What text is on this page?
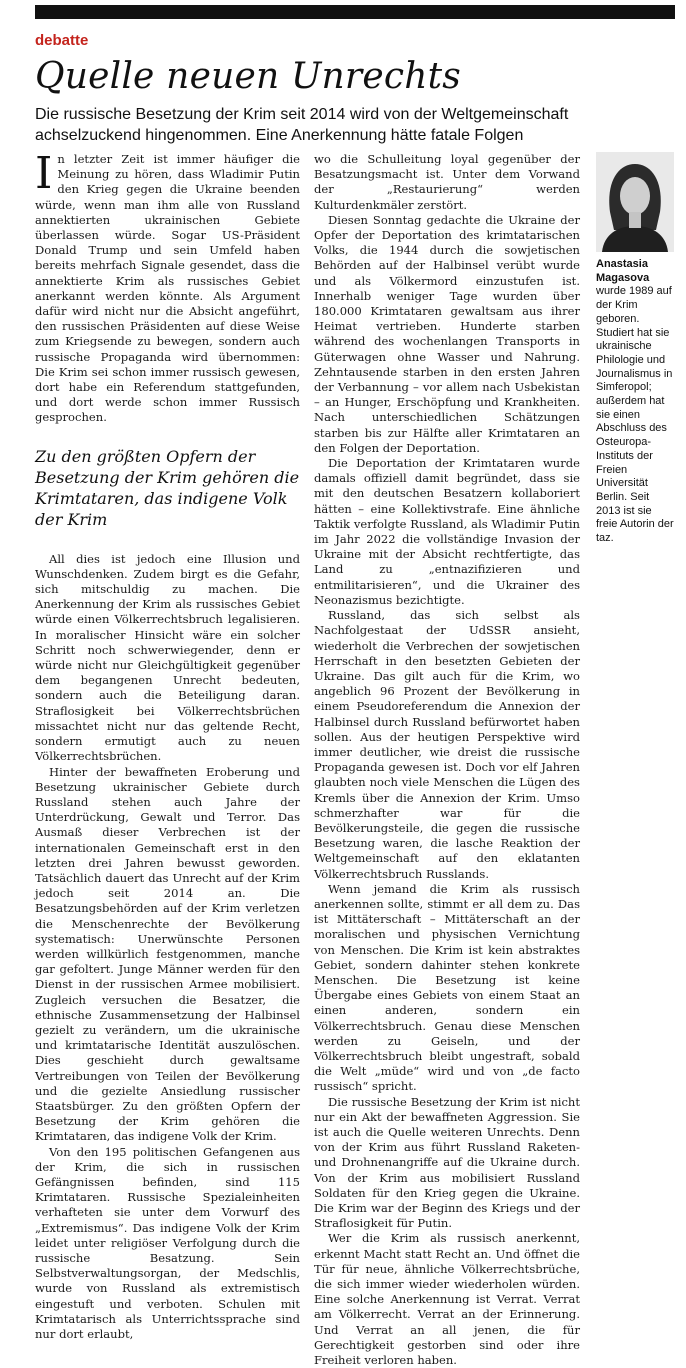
debatte
Quelle neuen Unrechts

Die russische Besetzung der Krim seit 2014 wird von der Weltgemeinschaft achselzuckend hingenommen. Eine Anerkennung hätte fatale Folgen

In letzter Zeit ist immer häufiger die Meinung zu hören, dass Wladimir Putin den Krieg gegen die Ukraine beenden würde, wenn man ihm alle von Russland annektierten ukrainischen Gebiete überlassen würde. Sogar US-Präsident Donald Trump und sein Umfeld haben bereits mehrfach Signale gesendet, dass die annektierte Krim als russisches Gebiet anerkannt werden könnte. Als Argument dafür wird nicht nur die Absicht angeführt, den russischen Präsidenten auf diese Weise zum Kriegsende zu bewegen, sondern auch russische Propaganda wird übernommen: Die Krim sei schon immer russisch gewesen, dort habe ein Referendum stattgefunden, und dort werde schon immer Russisch gesprochen.

Zu den größten Opfern der Besetzung der Krim gehören die Krimtataren, das indigene Volk der Krim

All dies ist jedoch eine Illusion und Wunschdenken. Zudem birgt es die Gefahr, sich mitschuldig zu machen. Die Anerkennung der Krim als russisches Gebiet würde einen Völkerrechtsbruch legalisieren. In moralischer Hinsicht wäre ein solcher Schritt noch schwerwiegender, denn er würde nicht nur Gleichgültigkeit gegenüber dem begangenen Unrecht bedeuten, sondern auch die Beteiligung daran. Straflosigkeit bei Völkerrechtsbrüchen missachtet nicht nur das geltende Recht, sondern ermutigt auch zu neuen Völkerrechtsbrüchen.

Hinter der bewaffneten Eroberung und Besetzung ukrainischer Gebiete durch Russland stehen auch Jahre der Unterdrückung, Gewalt und Terror. Das Ausmaß dieser Verbrechen ist der internationalen Gemeinschaft erst in den letzten drei Jahren bewusst geworden. Tatsächlich dauert das Unrecht auf der Krim jedoch seit 2014 an. Die Besatzungsbehörden auf der Krim verletzen die Menschenrechte der Bevölkerung systematisch: Unerwünschte Personen werden willkürlich festgenommen, manche gar gefoltert. Junge Männer werden für den Dienst in der russischen Armee mobilisiert. Zugleich versuchen die Besatzer, die ethnische Zusammensetzung der Halbinsel gezielt zu verändern, um die ukrainische und krimtatarische Identität auszulöschen. Dies geschieht durch gewaltsame Vertreibungen von Teilen der Bevölkerung und die gezielte Ansiedlung russischer Staatsbürger. Zu den größten Opfern der Besetzung der Krim gehören die Krimtataren, das indigene Volk der Krim.

Von den 195 politischen Gefangenen aus der Krim, die sich in russischen Gefängnissen befinden, sind 115 Krimtataren. Russische Spezialeinheiten verhafteten sie unter dem Vorwurf des „Extremismus“. Das indigene Volk der Krim leidet unter religiöser Verfolgung durch die russische Besatzung. Sein Selbstverwaltungsorgan, der Medschlis, wurde von Russland als extremistisch eingestuft und verboten. Schulen mit Krimtatarisch als Unterrichtssprache sind nur dort erlaubt,

wo die Schulleitung loyal gegenüber der Besatzungsmacht ist. Unter dem Vorwand der „Restaurierung“ werden Kulturdenkmäler zerstört.

Diesen Sonntag gedachte die Ukraine der Opfer der Deportation des krimtatarischen Volks, die 1944 durch die sowjetischen Behörden auf der Halbinsel verübt wurde und als Völkermord einzustufen ist. Innerhalb weniger Tage wurden über 180.000 Krimtataren gewaltsam aus ihrer Heimat vertrieben. Hunderte starben während des wochenlangen Transports in Güterwagen ohne Wasser und Nahrung. Zehntausende starben in den ersten Jahren der Verbannung – vor allem nach Usbekistan – an Hunger, Erschöpfung und Krankheiten. Nach unterschiedlichen Schätzungen starben bis zur Hälfte aller Krimtataren an den Folgen der Deportation.

Die Deportation der Krimtataren wurde damals offiziell damit begründet, dass sie mit den deutschen Besatzern kollaboriert hätten – eine Kollektivstrafe. Eine ähnliche Taktik verfolgte Russland, als Wladimir Putin im Jahr 2022 die vollständige Invasion der Ukraine mit der Absicht rechtfertigte, das Land zu „entnazifizieren und entmilitarisieren“, und die Ukrainer des Neonazismus bezichtigte.

Russland, das sich selbst als Nachfolgestaat der UdSSR ansieht, wiederholt die Verbrechen der sowjetischen Herrschaft in den besetzten Gebieten der Ukraine. Das gilt auch für die Krim, wo angeblich 96 Prozent der Bevölkerung in einem Pseudoreferendum die Annexion der Halbinsel durch Russland befürwortet haben sollen. Aus der heutigen Perspektive wird immer deutlicher, wie dreist die russische Propaganda gewesen ist. Doch vor elf Jahren glaubten noch viele Menschen die Lügen des Kremls über die Annexion der Krim. Umso schmerzhafter war für die Bevölkerungsteile, die gegen die russische Besetzung waren, die lasche Reaktion der Weltgemeinschaft auf den eklatanten Völkerrechtsbruch Russlands.

Wenn jemand die Krim als russisch anerkennen sollte, stimmt er all dem zu. Das ist Mittäterschaft – Mittäterschaft an der moralischen und physischen Vernichtung von Menschen. Die Krim ist kein abstraktes Gebiet, sondern dahinter stehen konkrete Menschen. Die Besetzung ist keine Übergabe eines Gebiets von einem Staat an einen anderen, sondern ein Völkerrechtsbruch. Genau diese Menschen werden zu Geiseln, und der Völkerrechtsbruch bleibt ungestraft, sobald die Welt „müde“ wird und von „de facto russisch“ spricht.

Die russische Besetzung der Krim ist nicht nur ein Akt der bewaffneten Aggression. Sie ist auch die Quelle weiteren Unrechts. Denn von der Krim aus führt Russland Raketen- und Drohnenangriffe auf die Ukraine durch. Von der Krim aus mobilisiert Russland Soldaten für den Krieg gegen die Ukraine. Die Krim war der Beginn des Kriegs und der Straflosigkeit für Putin.

Wer die Krim als russisch anerkennt, erkennt Macht statt Recht an. Und öffnet die Tür für neue, ähnliche Völkerrechtsbrüche, die sich immer wieder wiederholen würden. Eine solche Anerkennung ist Verrat. Verrat am Völkerrecht. Verrat an der Erinnerung. Und Verrat an all jenen, die für Gerechtigkeit gestorben sind oder ihre Freiheit verloren haben.

Anastasia Magasova
wurde 1989 auf der Krim geboren. Studiert hat sie ukrainische Philologie und Journalismus in Simferopol; außerdem hat sie einen Abschluss des Osteuropa-Instituts der Freien Universität Berlin. Seit 2013 ist sie freie Autorin der taz.
